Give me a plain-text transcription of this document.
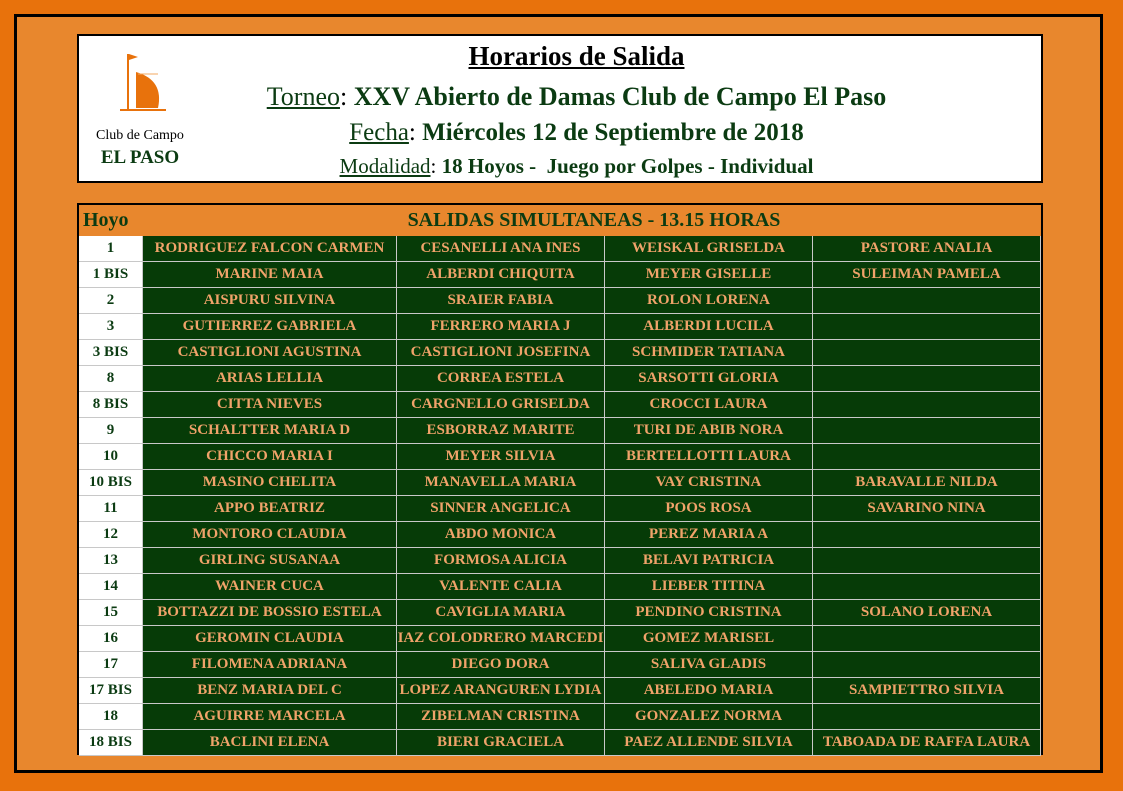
Club de Campo
EL PASO
Horarios de Salida
Torneo: XXV Abierto de Damas Club de Campo El Paso
Fecha: Miércoles 12 de Septiembre de 2018
Modalidad: 18 Hoyos -  Juego por Golpes - Individual
Hoyo	SALIDAS SIMULTANEAS - 13.15 HORAS
1	RODRIGUEZ FALCON CARMEN	CESANELLI ANA INES	WEISKAL GRISELDA	PASTORE ANALIA
1 BIS	MARINE MAIA	ALBERDI CHIQUITA	MEYER GISELLE	SULEIMAN PAMELA
2	AISPURU SILVINA	SRAIER FABIA	ROLON LORENA
3	GUTIERREZ GABRIELA	FERRERO MARIA J	ALBERDI LUCILA
3 BIS	CASTIGLIONI AGUSTINA	CASTIGLIONI JOSEFINA	SCHMIDER TATIANA
8	ARIAS LELLIA	CORREA ESTELA	SARSOTTI GLORIA
8 BIS	CITTA NIEVES	CARGNELLO GRISELDA	CROCCI LAURA
9	SCHALTTER MARIA D	ESBORRAZ MARITE	TURI DE ABIB NORA
10	CHICCO MARIA I	MEYER SILVIA	BERTELLOTTI LAURA
10 BIS	MASINO CHELITA	MANAVELLA MARIA	VAY CRISTINA	BARAVALLE NILDA
11	APPO BEATRIZ	SINNER ANGELICA	POOS ROSA	SAVARINO NINA
12	MONTORO CLAUDIA	ABDO MONICA	PEREZ MARIA A
13	GIRLING SUSANAA	FORMOSA ALICIA	BELAVI PATRICIA
14	WAINER CUCA	VALENTE CALIA	LIEBER TITINA
15	BOTTAZZI DE BOSSIO ESTELA	CAVIGLIA MARIA	PENDINO CRISTINA	SOLANO LORENA
16	GEROMIN CLAUDIA	IAZ COLODRERO MARCEDI	GOMEZ MARISEL
17	FILOMENA ADRIANA	DIEGO DORA	SALIVA GLADIS
17 BIS	BENZ MARIA DEL C	LOPEZ ARANGUREN LYDIA	ABELEDO MARIA	SAMPIETTRO SILVIA
18	AGUIRRE MARCELA	ZIBELMAN CRISTINA	GONZALEZ NORMA
18 BIS	BACLINI ELENA	BIERI GRACIELA	PAEZ ALLENDE SILVIA	TABOADA DE RAFFA LAURA
